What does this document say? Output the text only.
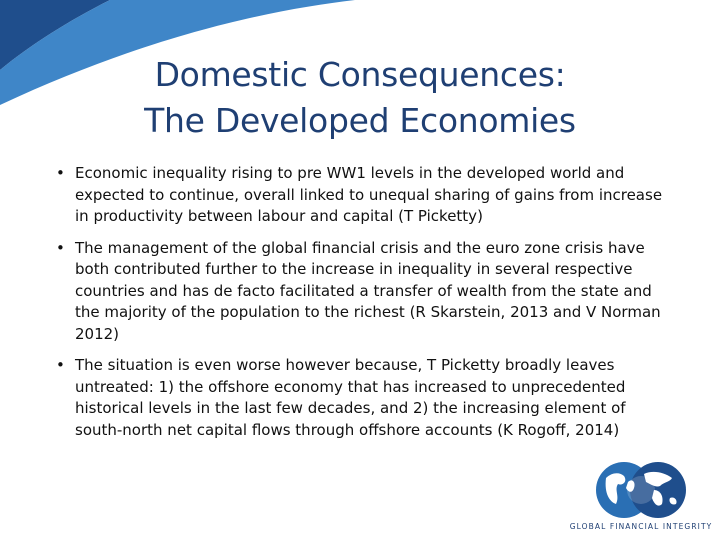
Domestic Consequences:
The Developed Economies
• Economic inequality rising to pre WW1 levels in the developed world and expected to continue, overall linked to unequal sharing of gains from increase in productivity between labour and capital (T Picketty)
• The management of the global financial crisis and the euro zone crisis have both contributed further to the increase in inequality in several respective countries and has de facto facilitated a transfer of wealth from the state and the majority of the population to the richest (R Skarstein, 2013 and V Norman 2012)
• The situation is even worse however because, T Picketty broadly leaves untreated: 1) the offshore economy that has increased to unprecedented historical levels in the last few decades, and 2) the increasing element of south-north net capital flows through offshore accounts (K Rogoff, 2014)
GLOBAL FINANCIAL INTEGRITY
